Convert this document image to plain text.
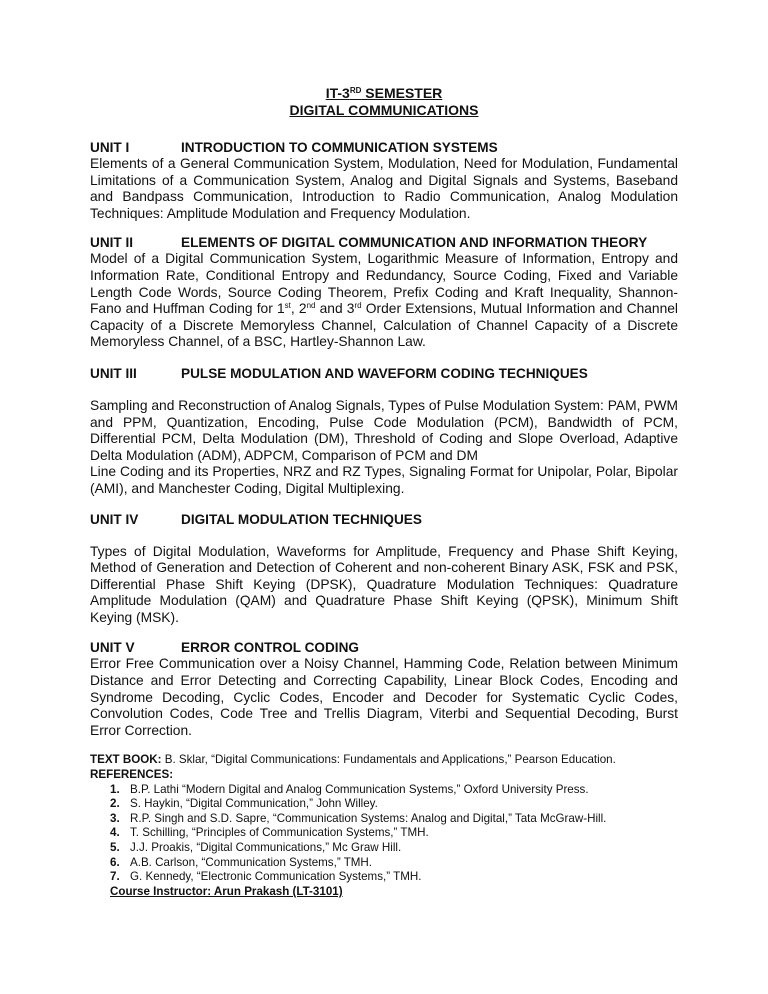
IT-3RD SEMESTER
DIGITAL COMMUNICATIONS
UNIT I	INTRODUCTION TO COMMUNICATION SYSTEMS
Elements of a General Communication System, Modulation, Need for Modulation, Fundamental Limitations of a Communication System, Analog and Digital Signals and Systems, Baseband and Bandpass Communication, Introduction to Radio Communication, Analog Modulation Techniques: Amplitude Modulation and Frequency Modulation.
UNIT II	ELEMENTS OF DIGITAL COMMUNICATION AND INFORMATION THEORY
Model of a Digital Communication System, Logarithmic Measure of Information, Entropy and Information Rate, Conditional Entropy and Redundancy, Source Coding, Fixed and Variable Length Code Words, Source Coding Theorem, Prefix Coding and Kraft Inequality, Shannon-Fano and Huffman Coding for 1st, 2nd and 3rd Order Extensions, Mutual Information and Channel Capacity of a Discrete Memoryless Channel, Calculation of Channel Capacity of a Discrete Memoryless Channel, of a BSC, Hartley-Shannon Law.
UNIT III	PULSE MODULATION AND WAVEFORM CODING TECHNIQUES
Sampling and Reconstruction of Analog Signals, Types of Pulse Modulation System: PAM, PWM and PPM, Quantization, Encoding, Pulse Code Modulation (PCM), Bandwidth of PCM, Differential PCM, Delta Modulation (DM), Threshold of Coding and Slope Overload, Adaptive Delta Modulation (ADM), ADPCM, Comparison of PCM and DM
Line Coding and its Properties, NRZ and RZ Types, Signaling Format for Unipolar, Polar, Bipolar (AMI), and Manchester Coding, Digital Multiplexing.
UNIT IV	DIGITAL MODULATION TECHNIQUES
Types of Digital Modulation, Waveforms for Amplitude, Frequency and Phase Shift Keying, Method of Generation and Detection of Coherent and non-coherent Binary ASK, FSK and PSK, Differential Phase Shift Keying (DPSK), Quadrature Modulation Techniques: Quadrature Amplitude Modulation (QAM) and Quadrature Phase Shift Keying (QPSK), Minimum Shift Keying (MSK).
UNIT V	ERROR CONTROL CODING
Error Free Communication over a Noisy Channel, Hamming Code, Relation between Minimum Distance and Error Detecting and Correcting Capability, Linear Block Codes, Encoding and Syndrome Decoding, Cyclic Codes, Encoder and Decoder for Systematic Cyclic Codes, Convolution Codes, Code Tree and Trellis Diagram, Viterbi and Sequential Decoding, Burst Error Correction.
TEXT BOOK: B. Sklar, “Digital Communications: Fundamentals and Applications,” Pearson Education.
REFERENCES:
1. B.P. Lathi “Modern Digital and Analog Communication Systems,” Oxford University Press.
2. S. Haykin, “Digital Communication,” John Willey.
3. R.P. Singh and S.D. Sapre, “Communication Systems: Analog and Digital,” Tata McGraw-Hill.
4. T. Schilling, “Principles of Communication Systems,” TMH.
5. J.J. Proakis, “Digital Communications,” Mc Graw Hill.
6. A.B. Carlson, “Communication Systems,” TMH.
7. G. Kennedy, “Electronic Communication Systems,” TMH.
Course Instructor: Arun Prakash (LT-3101)
